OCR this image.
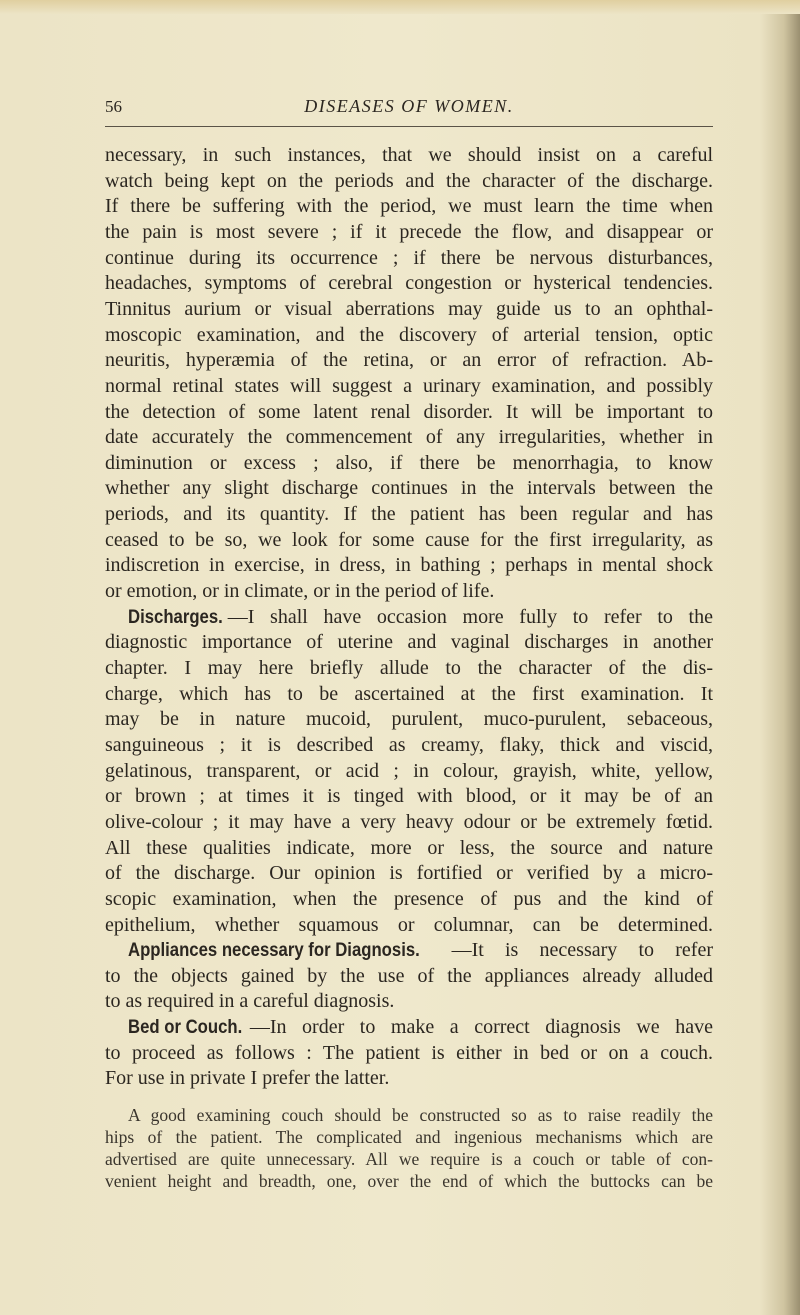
56	DISEASES OF WOMEN.
necessary, in such instances, that we should insist on a careful
watch being kept on the periods and the character of the discharge.
If there be suffering with the period, we must learn the time when
the pain is most severe ; if it precede the flow, and disappear or
continue during its occurrence ; if there be nervous disturbances,
headaches, symptoms of cerebral congestion or hysterical tendencies.
Tinnitus aurium or visual aberrations may guide us to an ophthal-
moscopic examination, and the discovery of arterial tension, optic
neuritis, hyperæmia of the retina, or an error of refraction. Ab-
normal retinal states will suggest a urinary examination, and possibly
the detection of some latent renal disorder. It will be important to
date accurately the commencement of any irregularities, whether in
diminution or excess ; also, if there be menorrhagia, to know
whether any slight discharge continues in the intervals between the
periods, and its quantity. If the patient has been regular and has
ceased to be so, we look for some cause for the first irregularity, as
indiscretion in exercise, in dress, in bathing ; perhaps in mental shock
or emotion, or in climate, or in the period of life.
Discharges. —I shall have occasion more fully to refer to the
diagnostic importance of uterine and vaginal discharges in another
chapter. I may here briefly allude to the character of the dis-
charge, which has to be ascertained at the first examination. It
may be in nature mucoid, purulent, muco-purulent, sebaceous,
sanguineous ; it is described as creamy, flaky, thick and viscid,
gelatinous, transparent, or acid ; in colour, grayish, white, yellow,
or brown ; at times it is tinged with blood, or it may be of an
olive-colour ; it may have a very heavy odour or be extremely fœtid.
All these qualities indicate, more or less, the source and nature
of the discharge. Our opinion is fortified or verified by a micro-
scopic examination, when the presence of pus and the kind of
epithelium, whether squamous or columnar, can be determined.
Appliances necessary for Diagnosis. —It is necessary to refer
to the objects gained by the use of the appliances already alluded
to as required in a careful diagnosis.
Bed or Couch. —In order to make a correct diagnosis we have
to proceed as follows : The patient is either in bed or on a couch.
For use in private I prefer the latter.
A good examining couch should be constructed so as to raise readily the
hips of the patient. The complicated and ingenious mechanisms which are
advertised are quite unnecessary. All we require is a couch or table of con-
venient height and breadth, one, over the end of which the buttocks can be
